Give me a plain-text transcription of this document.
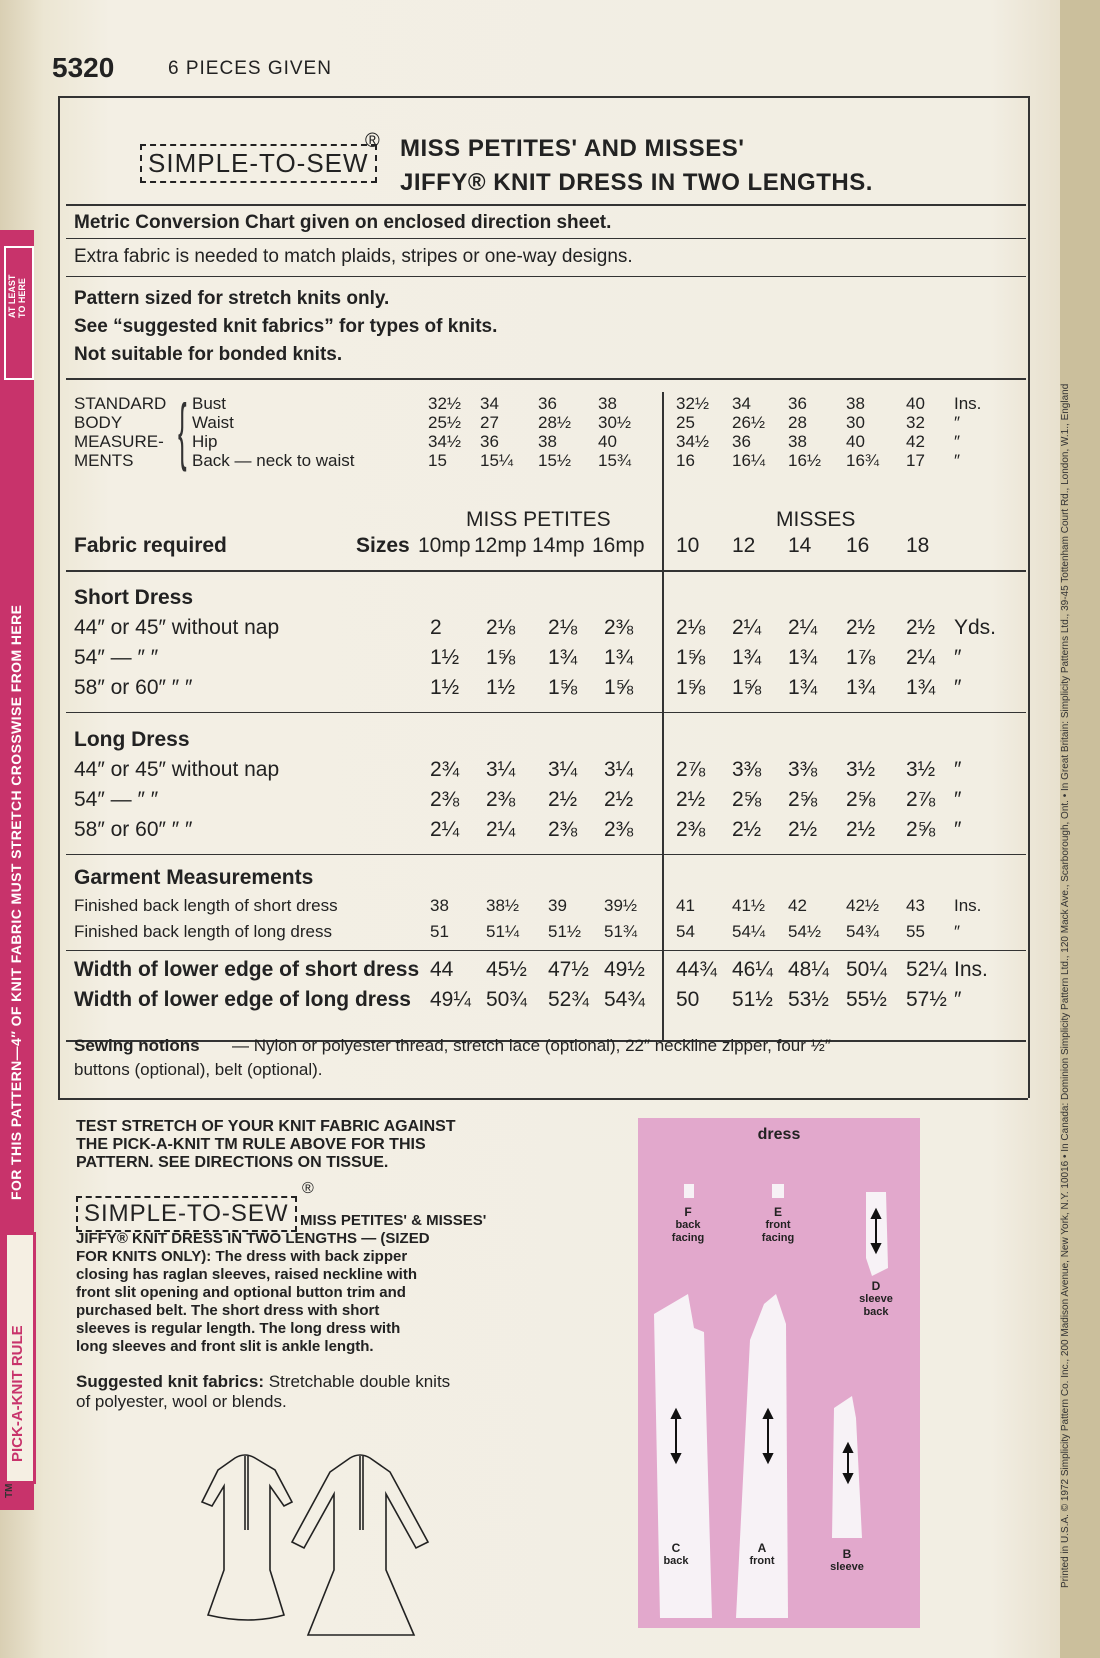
AT LEAST TO HERE
FOR THIS PATTERN—4″ OF KNIT FABRIC MUST STRETCH CROSSWISE FROM HERE
PICK-A-KNIT RULE
TM
5320	6 PIECES GIVEN
SIMPLE-TO-SEW
® MISS PETITES' AND MISSES'
JIFFY® KNIT DRESS IN TWO LENGTHS.
Metric Conversion Chart given on enclosed direction sheet.
Extra fabric is needed to match plaids, stripes or one-way designs.
Pattern sized for stretch knits only.
See “suggested knit fabrics” for types of knits.
Not suitable for bonded knits.
STANDARD
BODY
MEASURE-
MENTS { Bust	32½ 34 36 38	32½ 34 36 38 40 Ins.
Waist	25½ 27 28½ 30½	25 26½ 28 30 32 ″
Hip	34½ 36 38 40	34½ 36 38 40 42 ″
Back — neck to waist	15 15¼ 15½ 15¾	16 16¼ 16½ 16¾ 17 ″
MISS PETITES	MISSES
Fabric required	Sizes 10mp 12mp 14mp 16mp 10 12 14 16 18
Short Dress
44″ or 45″ without nap	2 2⅛ 2⅛ 2⅜ 2⅛ 2¼ 2¼ 2½ 2½ Yds.
54″ — ″ ″	1½ 1⅝ 1¾ 1¾ 1⅝ 1¾ 1¾ 1⅞ 2¼ ″
58″ or 60″ ″ ″	1½ 1½ 1⅝ 1⅝ 1⅝ 1⅝ 1¾ 1¾ 1¾ ″
Long Dress
44″ or 45″ without nap	2¾ 3¼ 3¼ 3¼ 2⅞ 3⅜ 3⅜ 3½ 3½ ″
54″ — ″ ″	2⅜ 2⅜ 2½ 2½ 2½ 2⅝ 2⅝ 2⅝ 2⅞ ″
58″ or 60″ ″ ″	2¼ 2¼ 2⅜ 2⅜ 2⅜ 2½ 2½ 2½ 2⅝ ″
Garment Measurements
Finished back length of short dress	38 38½ 39 39½ 41 41½ 42 42½ 43 Ins.
Finished back length of long dress	51 51¼ 51½ 51¾ 54 54¼ 54½ 54¾ 55 ″
Width of lower edge of short dress 44 45½ 47½ 49½ 44¾ 46¼ 48¼ 50¼ 52¼ Ins.
Width of lower edge of long dress 49¼ 50¾ 52¾ 54¾ 50 51½ 53½ 55½ 57½ ″
Sewing notions — Nylon or polyester thread, stretch lace (optional), 22″ neckline zipper, four ½″
buttons (optional), belt (optional).
TEST STRETCH OF YOUR KNIT FABRIC AGAINST
THE PICK-A-KNIT TM RULE ABOVE FOR THIS
PATTERN. SEE DIRECTIONS ON TISSUE.
SIMPLE-TO-SEW
®
MISS PETITES' & MISSES'
JIFFY® KNIT DRESS IN TWO LENGTHS — (SIZED
FOR KNITS ONLY): The dress with back zipper
closing has raglan sleeves, raised neckline with
front slit opening and optional button trim and
purchased belt. The short dress with short
sleeves is regular length. The long dress with
long sleeves and front slit is ankle length.
Suggested knit fabrics: Stretchable double knits
of polyester, wool or blends.
dress
F
back facing
E
front facing
D
sleeve back
C
back
A
front	B
sleeve	Printed in U.S.A. © 1972 Simplicity Pattern Co. Inc., 200 Madison Avenue, New York, N.Y. 10016 • In Canada: Dominion Simplicity Pattern Ltd., 120 Mack Ave., Scarborough, Ont. • In Great Britain: Simplicity Patterns Ltd., 39-45 Tottenham Court Rd., London, W.1., England
